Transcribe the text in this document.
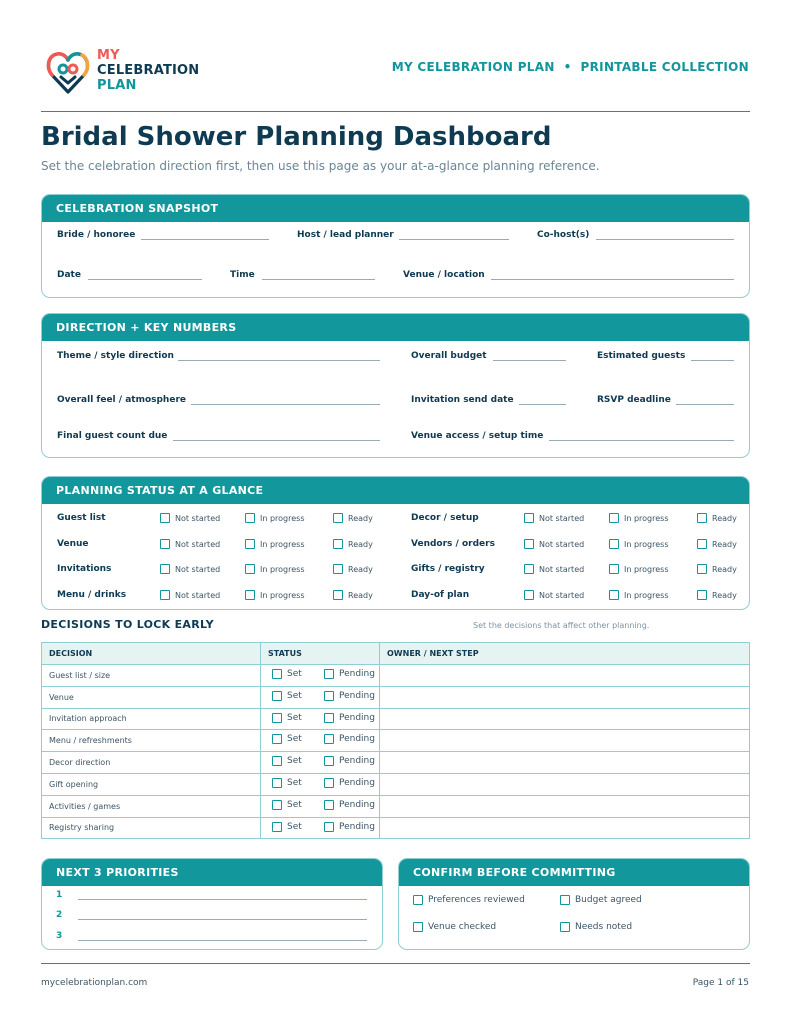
MY
CELEBRATION
PLAN
MY CELEBRATION PLAN  •  PRINTABLE COLLECTION
Bridal Shower Planning Dashboard
Set the celebration direction first, then use this page as your at-a-glance planning reference.
CELEBRATION SNAPSHOT
Bride / honoree	Host / lead planner	Co-host(s)
Date	Time	Venue / location
DIRECTION + KEY NUMBERS
Theme / style direction	Overall budget	Estimated guests
Overall feel / atmosphere	Invitation send date	RSVP deadline
Final guest count due	Venue access / setup time
PLANNING STATUS AT A GLANCE
Guest list	Not started	In progress	Ready	Decor / setup	Not started	In progress	Ready
Venue	Not started	In progress	Ready	Vendors / orders	Not started	In progress	Ready
Invitations	Not started	In progress	Ready	Gifts / registry	Not started	In progress	Ready
Menu / drinks	Not started	In progress	Ready	Day-of plan	Not started	In progress	Ready
DECISIONS TO LOCK EARLY	Set the decisions that affect other planning.
DECISION	STATUS	OWNER / NEXT STEP
Guest list / size	Set Pending	

Venue	Set Pending	

Invitation approach	Set Pending	

Menu / refreshments	Set Pending	

Decor direction	Set Pending	

Gift opening	Set Pending	

Activities / games	Set Pending	

Registry sharing	Set Pending	

NEXT 3 PRIORITIES
1
2
3
CONFIRM BEFORE COMMITTING
Preferences reviewed	Budget agreed
Venue checked	Needs noted
mycelebrationplan.com	Page 1 of 15
